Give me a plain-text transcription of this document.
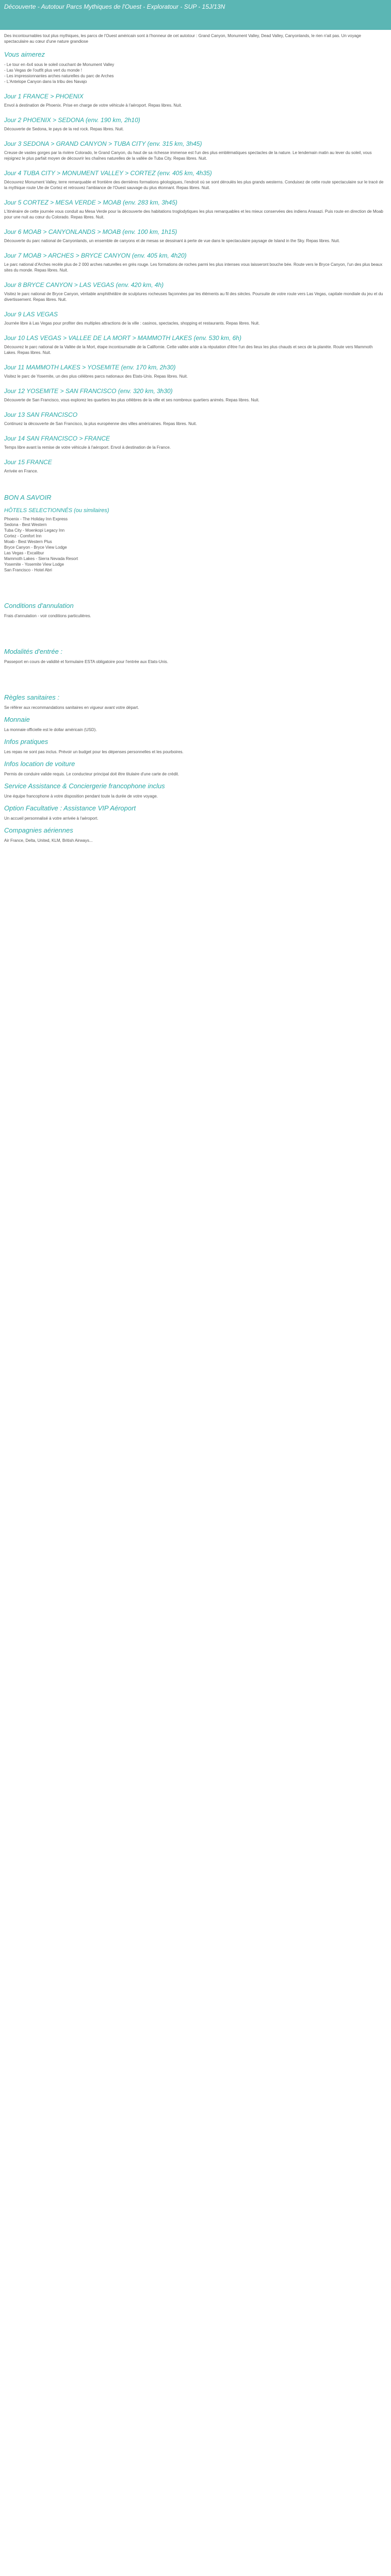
Découverte - Autotour Parcs Mythiques de l'Ouest - Exploratour - SUP - 15J/13N
Des incontournables tout plus mythiques, les parcs de l'Ouest américain sont à l'honneur de cet autotour : Grand Canyon, Monument Valley, Dead Valley, Canyonlands, le rien n'ait pas. Un voyage spectaculaire au cœur d'une nature grandiose
Vous aimerez
- Le tour en 4x4 sous le soleil couchant de Monument Valley
- Las Vegas de l'outfit plus vert du monde !
- Les impressionnantes arches naturelles du parc de Arches
- L'Antelope Canyon dans la tribu des Navajo
Jour 1 FRANCE > PHOENIX
Envol à destination de Phoenix. Prise en charge de votre véhicule à l'aéroport. Repas libres. Nuit.
Jour 2 PHOENIX > SEDONA (env. 190 km, 2h10)
Découverte de Sedona, le pays de la red rock. Repas libres. Nuit.
Jour 3 SEDONA > GRAND CANYON > TUBA CITY (env. 315 km, 3h45)
Creuse de vastes gorges par la rivière Colorado, le Grand Canyon, du haut de sa richesse immense est l'un des plus emblématiques spectacles de la nature. Le lendemain matin au lever du soleil, vous rejoignez le plus parfait moyen de découvrir les chaînes naturelles de la vallée de Tuba City. Repas libres. Nuit.
Jour 4 TUBA CITY > MONUMENT VALLEY > CORTEZ (env. 405 km, 4h35)
Découvrez Monument Valley, terre remarquable et frontière des dernières formations géologiques, l'endroit où se sont déroulés les plus grands westerns. Conduisez de cette route spectaculaire sur le tracé de la mythique route Ute de Cortez et retrouvez l'ambiance de l'Ouest sauvage du plus étonnant. Repas libres. Nuit.
Jour 5 CORTEZ > MESA VERDE > MOAB (env. 283 km, 3h45)
L'itinéraire de cette journée vous conduit au Mesa Verde pour la découverte des habitations troglodytiques les plus remarquables et les mieux conservées des indiens Anasazi. Puis route en direction de Moab pour une nuit au cœur du Colorado. Repas libres. Nuit.
Jour 6 MOAB > CANYONLANDS > MOAB (env. 100 km, 1h15)
Découverte du parc national de Canyonlands, un ensemble de canyons et de mesas se dessinant à perte de vue dans le spectaculaire paysage de Island in the Sky. Repas libres. Nuit.
Jour 7 MOAB > ARCHES > BRYCE CANYON (env. 405 km, 4h20)
Le parc national d'Arches recèle plus de 2 000 arches naturelles en grès rouge. Les formations de roches parmi les plus intenses vous laisseront bouche bée. Route vers le Bryce Canyon, l'un des plus beaux sites du monde. Repas libres. Nuit.
Jour 8 BRYCE CANYON > LAS VEGAS (env. 420 km, 4h)
Visitez le parc national de Bryce Canyon, véritable amphithéâtre de sculptures rocheuses façonnées par les éléments au fil des siècles. Poursuite de votre route vers Las Vegas, capitale mondiale du jeu et du divertissement. Repas libres. Nuit.
Jour 9 LAS VEGAS
Journée libre à Las Vegas pour profiter des multiples attractions de la ville : casinos, spectacles, shopping et restaurants. Repas libres. Nuit.
Jour 10 LAS VEGAS > VALLEE DE LA MORT > MAMMOTH LAKES (env. 530 km, 6h)
Découvrez le parc national de la Vallée de la Mort, étape incontournable de la Californie. Cette vallée aride a la réputation d'être l'un des lieux les plus chauds et secs de la planète. Route vers Mammoth Lakes. Repas libres. Nuit.
Jour 11 MAMMOTH LAKES > YOSEMITE (env. 170 km, 2h30)
Visitez le parc de Yosemite, un des plus célèbres parcs nationaux des Etats-Unis. Repas libres. Nuit.
Jour 12 YOSEMITE > SAN FRANCISCO (env. 320 km, 3h30)
Découverte de San Francisco, vous explorez les quartiers les plus célèbres de la ville et ses nombreux quartiers animés. Repas libres. Nuit.
Jour 13 SAN FRANCISCO
Continuez la découverte de San Francisco, la plus européenne des villes américaines. Repas libres. Nuit.
Jour 14 SAN FRANCISCO > FRANCE
Temps libre avant la remise de votre véhicule à l'aéroport. Envol à destination de la France.
Jour 15 FRANCE
Arrivée en France.
BON A SAVOIR
HÔTELS SELECTIONNÉS (ou similaires)
Phoenix - The Holiday Inn Express
Sedona - Best Western
Tuba City - Moenkopi Legacy Inn
Cortez - Comfort Inn
Moab - Best Western Plus
Bryce Canyon - Bryce View Lodge
Las Vegas - Excalibur
Mammoth Lakes - Sierra Nevada Resort
Yosemite - Yosemite View Lodge
San Francisco - Hotel Abri
Conditions d'annulation
Frais d'annulation - voir conditions particulières.
Modalités d'entrée :
Passeport en cours de validité et formulaire ESTA obligatoire pour l'entrée aux Etats-Unis.
Règles sanitaires :
Se référer aux recommandations sanitaires en vigueur avant votre départ.
Monnaie
La monnaie officielle est le dollar américain (USD).
Infos pratiques
Les repas ne sont pas inclus. Prévoir un budget pour les dépenses personnelles et les pourboires.
Infos location de voiture
Permis de conduire valide requis. Le conducteur principal doit être titulaire d'une carte de crédit.
Service Assistance & Conciergerie francophone inclus
Une équipe francophone à votre disposition pendant toute la durée de votre voyage.
Option Facultative : Assistance VIP Aéroport
Un accueil personnalisé à votre arrivée à l'aéroport.
Compagnies aériennes
Air France, Delta, United, KLM, British Airways...
